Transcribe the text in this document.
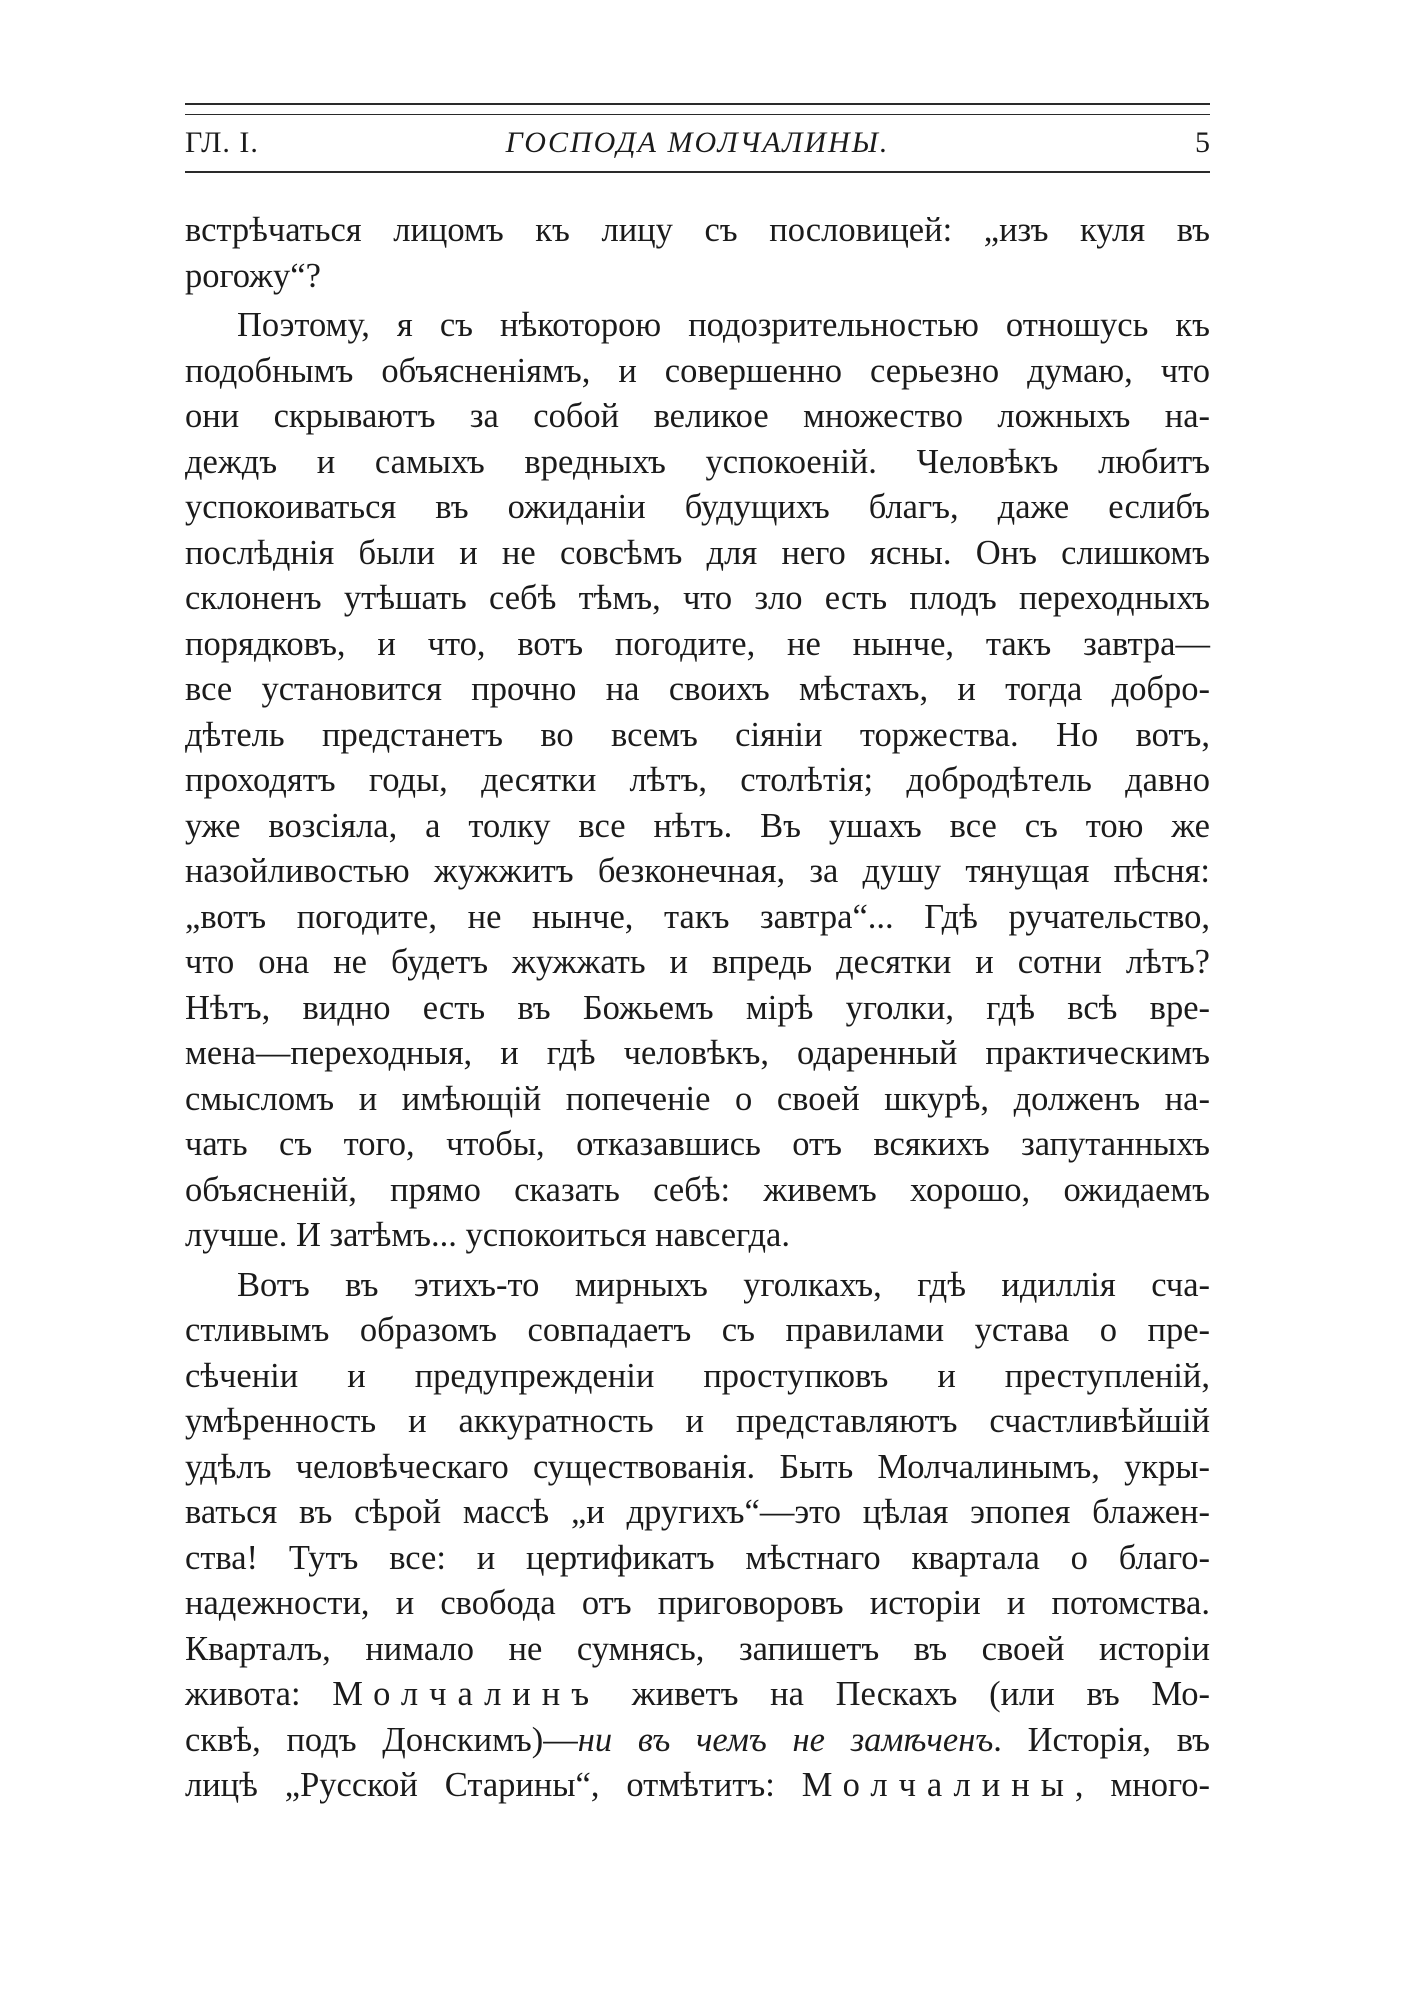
ГЛ. I.	ГОСПОДА МОЛЧАЛИНЫ.	5
встрѣчаться лицомъ къ лицу съ пословицей: „изъ куля въ
рогожу“?
Поэтому, я съ нѣкоторою подозрительностью отношусь къ
подобнымъ объясненіямъ, и совершенно серьезно думаю, что
они скрываютъ за собой великое множество ложныхъ на-
деждъ и самыхъ вредныхъ успокоеній. Человѣкъ любитъ
успокоиваться въ ожиданіи будущихъ благъ, даже еслибъ
послѣднія были и не совсѣмъ для него ясны. Онъ слишкомъ
склоненъ утѣшать себѣ тѣмъ, что зло есть плодъ переходныхъ
порядковъ, и что, вотъ погодите, не нынче, такъ завтра—
все установится прочно на своихъ мѣстахъ, и тогда добро-
дѣтель предстанетъ во всемъ сіяніи торжества. Но вотъ,
проходятъ годы, десятки лѣтъ, столѣтія; добродѣтель давно
уже возсіяла, а толку все нѣтъ. Въ ушахъ все съ тою же
назойливостью жужжитъ безконечная, за душу тянущая пѣсня:
„вотъ погодите, не нынче, такъ завтра“... Гдѣ ручательство,
что она не будетъ жужжать и впредь десятки и сотни лѣтъ?
Нѣтъ, видно есть въ Божьемъ мірѣ уголки, гдѣ всѣ вре-
мена—переходныя, и гдѣ человѣкъ, одаренный практическимъ
смысломъ и имѣющій попеченіе о своей шкурѣ, долженъ на-
чать съ того, чтобы, отказавшись отъ всякихъ запутанныхъ
объясненій, прямо сказать себѣ: живемъ хорошо, ожидаемъ
лучше. И затѣмъ... успокоиться навсегда.
Вотъ въ этихъ-то мирныхъ уголкахъ, гдѣ идиллія сча-
стливымъ образомъ совпадаетъ съ правилами устава о пре-
сѣченіи и предупрежденіи проступковъ и преступленій,
умѣренность и аккуратность и представляютъ счастливѣйшій
удѣлъ человѣческаго существованія. Быть Молчалинымъ, укры-
ваться въ сѣрой массѣ „и другихъ“—это цѣлая эпопея блажен-
ства! Тутъ все: и цертификатъ мѣстнаго квартала о благо-
надежности, и свобода отъ приговоровъ исторіи и потомства.
Кварталъ, нимало не сумнясь, запишетъ въ своей исторіи
живота: Молчалинъ живетъ на Пескахъ (или въ Мо-
сквѣ, подъ Донскимъ)—ни въ чемъ не замѣченъ. Исторія, въ
лицѣ „Русской Старины“, отмѣтитъ: Молчалины, много-
